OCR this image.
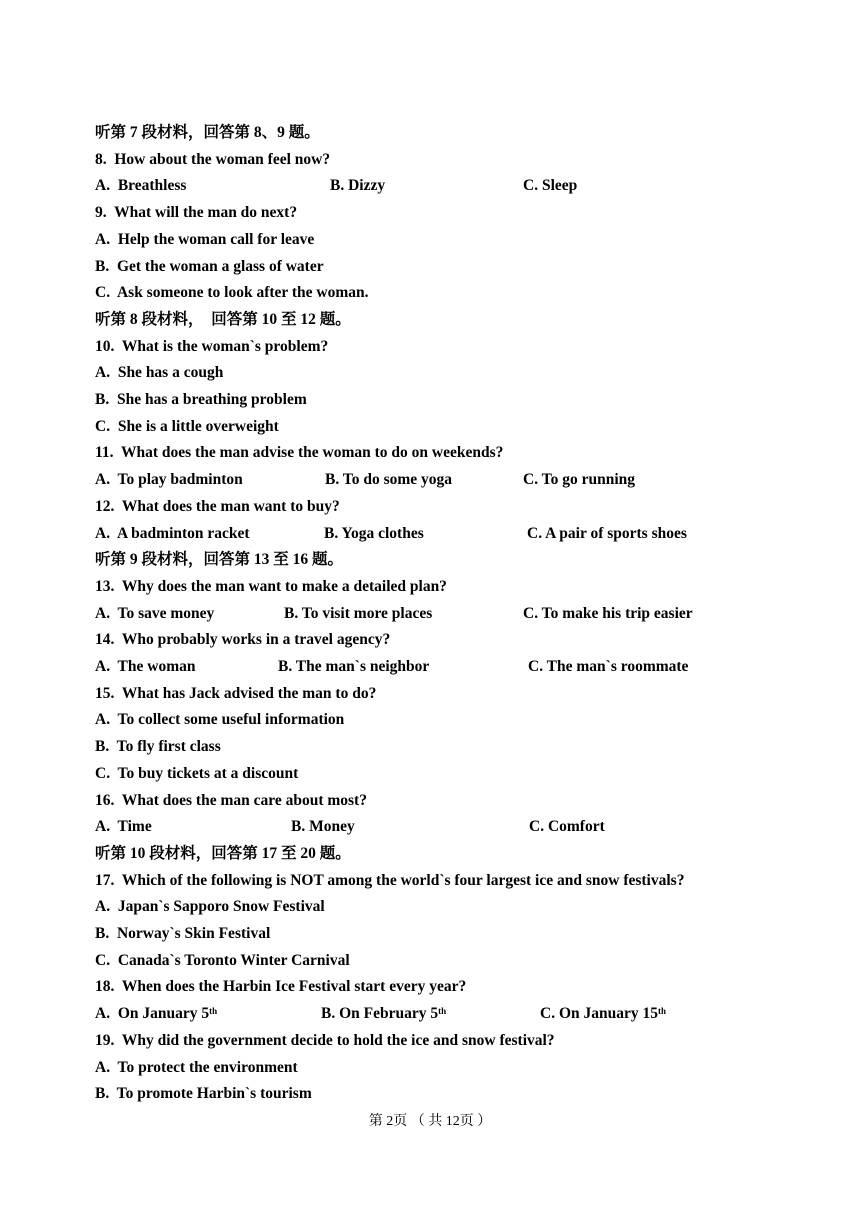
听第 7 段材料，回答第 8、9 题。
8.  How about the woman feel now?
A.  Breathless	B. Dizzy	C. Sleep
9.  What will the man do next?
A.  Help the woman call for leave
B.  Get the woman a glass of water
C.  Ask someone to look after the woman.
听第 8 段材料，  回答第 10 至 12 题。
10.  What is the woman`s problem?
A.  She has a cough
B.  She has a breathing problem
C.  She is a little overweight
11.  What does the man advise the woman to do on weekends?
A.  To play badminton	B. To do some yoga	C. To go running
12.  What does the man want to buy?
A.  A badminton racket	B. Yoga clothes	C. A pair of sports shoes
听第 9 段材料，回答第 13 至 16 题。
13.  Why does the man want to make a detailed plan?
A.  To save money	B. To visit more places	C. To make his trip easier
14.  Who probably works in a travel agency?
A.  The woman	B. The man`s neighbor	C. The man`s roommate
15.  What has Jack advised the man to do?
A.  To collect some useful information
B.  To fly first class
C.  To buy tickets at a discount
16.  What does the man care about most?
A.  Time	B. Money	C. Comfort
听第 10 段材料，回答第 17 至 20 题。
17.  Which of the following is NOT among the world`s four largest ice and snow festivals?
A.  Japan`s Sapporo Snow Festival
B.  Norway`s Skin Festival
C.  Canada`s Toronto Winter Carnival
18.  When does the Harbin Ice Festival start every year?
A.  On January 5th	B. On February 5th	C. On January 15th
19.  Why did the government decide to hold the ice and snow festival?
A.  To protect the environment
B.  To promote Harbin`s tourism
第 2页 （ 共 12页 ）
